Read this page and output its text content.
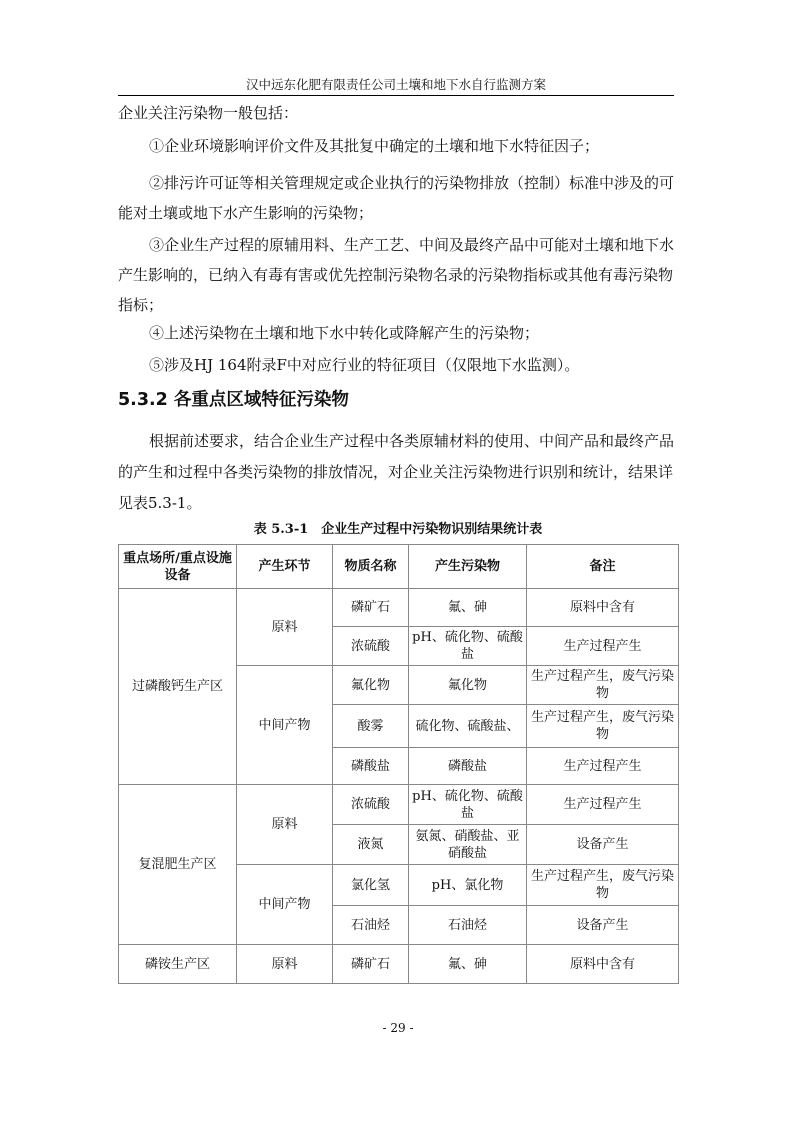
汉中远东化肥有限责任公司土壤和地下水自行监测方案
企业关注污染物一般包括：
①企业环境影响评价文件及其批复中确定的土壤和地下水特征因子；
②排污许可证等相关管理规定或企业执行的污染物排放（控制）标准中涉及的可能对土壤或地下水产生影响的污染物；
③企业生产过程的原辅用料、生产工艺、中间及最终产品中可能对土壤和地下水产生影响的，已纳入有毒有害或优先控制污染物名录的污染物指标或其他有毒污染物指标；
④上述污染物在土壤和地下水中转化或降解产生的污染物；
⑤涉及HJ 164附录F中对应行业的特征项目（仅限地下水监测）。
5.3.2 各重点区域特征污染物
根据前述要求，结合企业生产过程中各类原辅材料的使用、中间产品和最终产品的产生和过程中各类污染物的排放情况，对企业关注污染物进行识别和统计，结果详见表5.3-1。
表 5.3-1　企业生产过程中污染物识别结果统计表
重点场所/重点设施设备	产生环节	物质名称	产生污染物	备注
过磷酸钙生产区	原料	磷矿石	氟、砷	原料中含有
		浓硫酸	pH、硫化物、硫酸盐	生产过程产生
	中间产物	氟化物	氟化物	生产过程产生，废气污染物
		酸雾	硫化物、硫酸盐、	生产过程产生，废气污染物
		磷酸盐	磷酸盐	生产过程产生
复混肥生产区	原料	浓硫酸	pH、硫化物、硫酸盐	生产过程产生
		液氮	氨氮、硝酸盐、亚硝酸盐	设备产生
	中间产物	氯化氢	pH、氯化物	生产过程产生，废气污染物
		石油烃	石油烃	设备产生
磷铵生产区	原料	磷矿石	氟、砷	原料中含有
- 29 -
